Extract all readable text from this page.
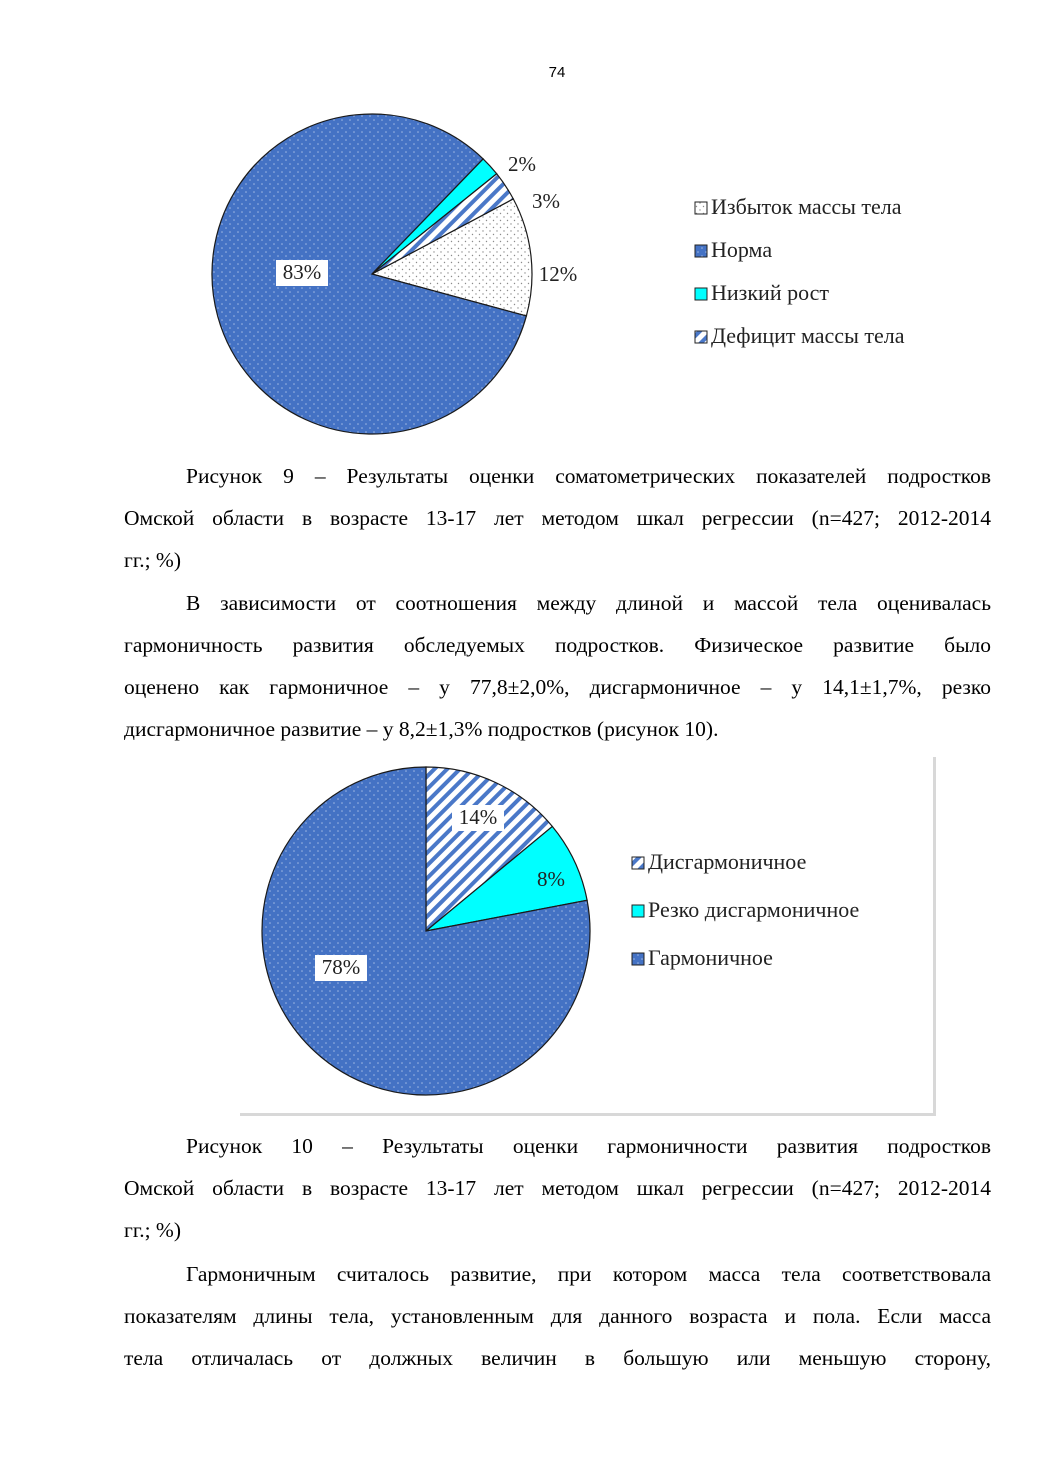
74
12%
83%
2%
3%	Избыток массы тела
Норма
Низкий рост
Дефицит массы тела
Рисунок 9 – Результаты оценки соматометрических показателей подростков
Омской области в возрасте 13-17 лет методом шкал регрессии (n=427; 2012-2014
гг.; %)
В зависимости от соотношения между длиной и массой тела оценивалась
гармоничность развития обследуемых подростков. Физическое развитие было
оценено как гармоничное – у 77,8±2,0%, дисгармоничное – у 14,1±1,7%, резко
дисгармоничное развитие – у 8,2±1,3% подростков (рисунок 10).
14%
8%
78%
Дисгармоничное
Резко дисгармоничное
Гармоничное
Рисунок 10 – Результаты оценки гармоничности развития подростков
Омской области в возрасте 13-17 лет методом шкал регрессии (n=427; 2012-2014
гг.; %)
Гармоничным считалось развитие, при котором масса тела соответствовала
показателям длины тела, установленным для данного возраста и пола. Если масса
тела отличалась от должных величин в большую или меньшую сторону,
